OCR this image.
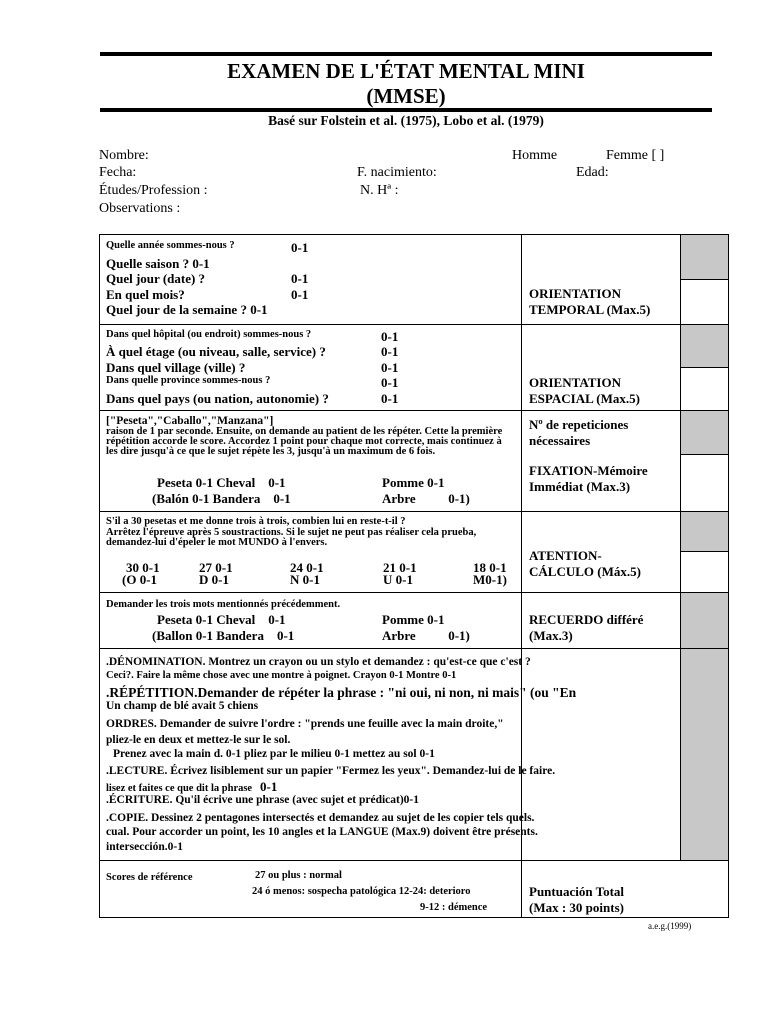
EXAMEN DE L'ÉTAT MENTAL MINI
(MMSE)
Basé sur Folstein et al. (1975), Lobo et al. (1979)
Nombre:	Homme	Femme [ ]
Fecha:	F. nacimiento:	Edad:
Études/Profession :	N. Hª :
Observations :
Quelle année sommes-nous ?	0-1
Quelle saison ? 0-1
Quel jour (date) ?	0-1
En quel mois?	0-1
Quel jour de la semaine ? 0-1
ORIENTATION
TEMPORAL (Max.5)
Dans quel hôpital (ou endroit) sommes-nous ?	0-1
À quel étage (ou niveau, salle, service) ?	0-1
Dans quel village (ville) ?	0-1
Dans quelle province sommes-nous ?	0-1
Dans quel pays (ou nation, autonomie) ?	0-1
ORIENTATION
ESPACIAL (Max.5)
["Peseta","Caballo","Manzana"]
raison de 1 par seconde. Ensuite, on demande au patient de les répéter. Cette la première répétition accorde le score. Accordez 1 point pour chaque mot correcte, mais continuez à les dire jusqu'à ce que le sujet répète les 3, jusqu'à un maximum de 6 fois.
Peseta 0-1 Cheval    0-1	Pomme 0-1
(Balón 0-1 Bandera    0-1	Arbre          0-1)
Nº de repeticiones
nécessaires
FIXATION-Mémoire
Immédiat (Max.3)
S'il a 30 pesetas et me donne trois à trois, combien lui en reste-t-il ?
Arrêtez l'épreuve après 5 soustractions. Si le sujet ne peut pas réaliser cela prueba, demandez-lui d'épeler le mot MUNDO à l'envers.
30 0-1	27 0-1	24 0-1	21 0-1	18 0-1
(O 0-1	D 0-1	N 0-1	U 0-1	M0-1)
ATENTION-
CÁLCULO (Máx.5)
Demander les trois mots mentionnés précédemment.
Peseta 0-1 Cheval    0-1	Pomme 0-1
(Ballon 0-1 Bandera    0-1	Arbre          0-1)
RECUERDO différé
(Max.3)
.DÉNOMINATION. Montrez un crayon ou un stylo et demandez : qu'est-ce que c'est ?
Ceci?. Faire la même chose avec une montre à poignet. Crayon 0-1 Montre 0-1
.RÉPÉTITION.Demander de répéter la phrase : "ni oui, ni non, ni mais" (ou "En
Un champ de blé avait 5 chiens
ORDRES. Demander de suivre l'ordre : "prends une feuille avec la main droite,"
pliez-le en deux et mettez-le sur le sol.
Prenez avec la main d. 0-1 pliez par le milieu 0-1 mettez au sol 0-1
.LECTURE. Écrivez lisiblement sur un papier "Fermez les yeux". Demandez-lui de le faire.
lisez et faites ce que dit la phrase 0-1
.ÉCRITURE. Qu'il écrive une phrase (avec sujet et prédicat)0-1
.COPIE. Dessinez 2 pentagones intersectés et demandez au sujet de les copier tels quels.
cual. Pour accorder un point, les 10 angles et la LANGUE (Max.9) doivent être présents.
intersección.0-1
Scores de référence	27 ou plus : normal
24 ó menos: sospecha patológica 12-24: deterioro
9-12 : démence
Puntuación Total
(Max : 30 points)
a.e.g.(1999)
